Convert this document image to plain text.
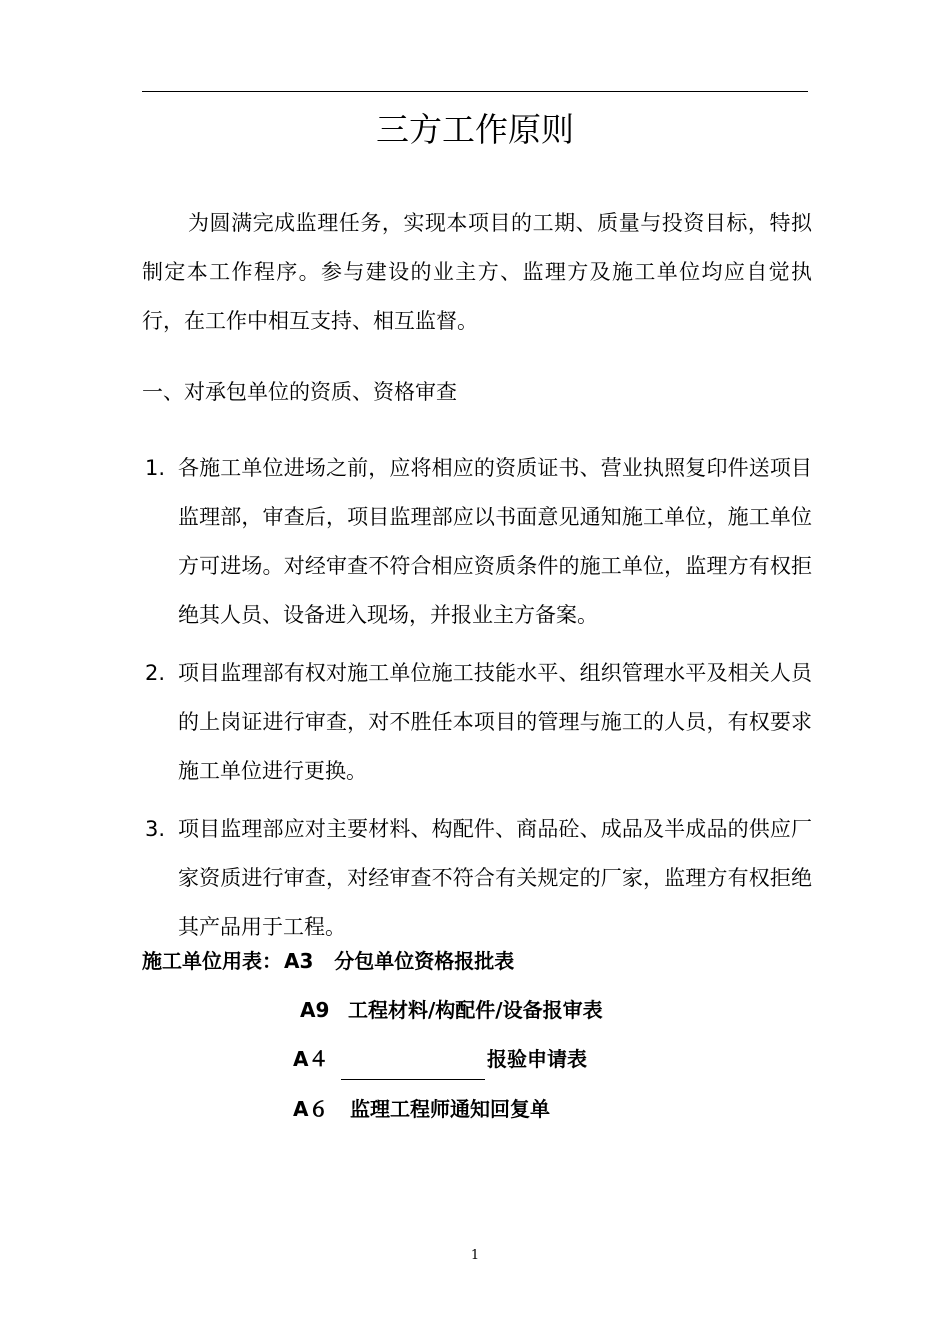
三方工作原则

为圆满完成监理任务，实现本项目的工期、质量与投资目标，特拟制定本工作程序。参与建设的业主方、监理方及施工单位均应自觉执行，在工作中相互支持、相互监督。

一、对承包单位的资质、资格审查
1. 各施工单位进场之前，应将相应的资质证书、营业执照复印件送项目监理部，审查后，项目监理部应以书面意见通知施工单位，施工单位方可进场。对经审查不符合相应资质条件的施工单位，监理方有权拒绝其人员、设备进入现场，并报业主方备案。
2. 项目监理部有权对施工单位施工技能水平、组织管理水平及相关人员的上岗证进行审查，对不胜任本项目的管理与施工的人员，有权要求施工单位进行更换。
3. 项目监理部应对主要材料、构配件、商品砼、成品及半成品的供应厂家资质进行审查，对经审查不符合有关规定的厂家，监理方有权拒绝其产品用于工程。
施工单位用表： A3 分包单位资格报批表
A9 工程材料/构配件/设备报审表
A４	报验申请表
A６ 监理工程师通知回复单
1
